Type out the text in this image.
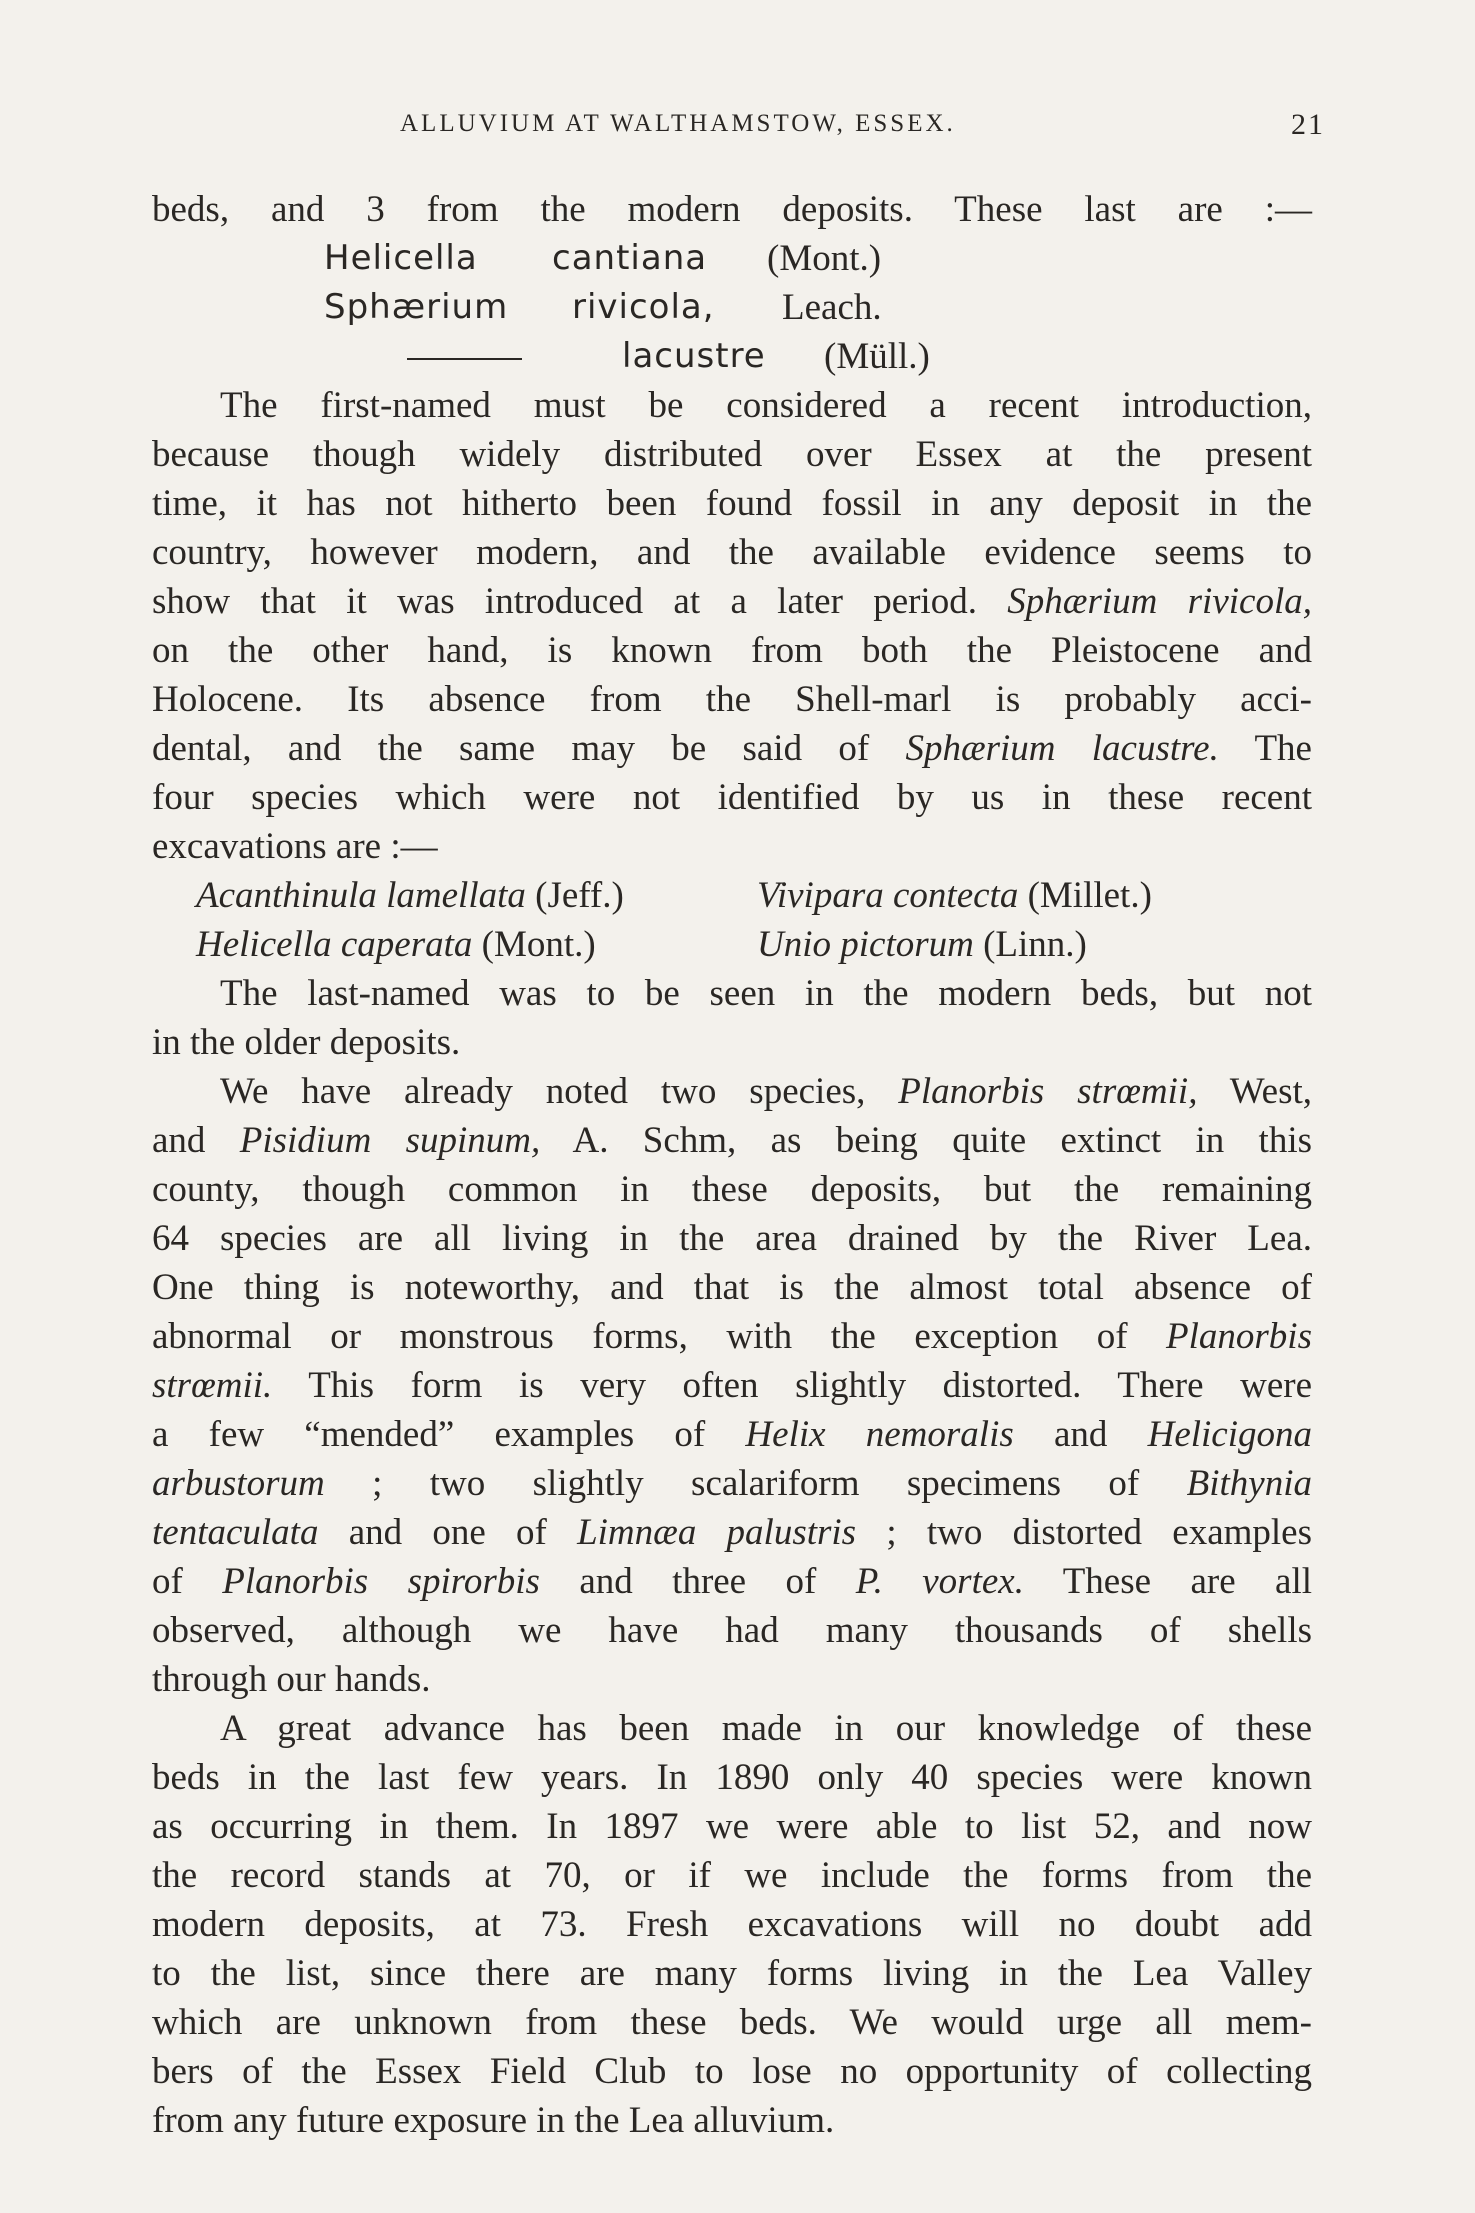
ALLUVIUM AT WALTHAMSTOW, ESSEX.	21
beds, and 3 from the modern deposits. These last are :—
Helicella cantiana (Mont.)
Sphærium rivicola, Leach.
lacustre (Müll.)
The first-named must be considered a recent introduction,
because though widely distributed over Essex at the present
time, it has not hitherto been found fossil in any deposit in the
country, however modern, and the available evidence seems to
show that it was introduced at a later period. Sphærium rivicola,
on the other hand, is known from both the Pleistocene and
Holocene. Its absence from the Shell-marl is probably acci-
dental, and the same may be said of Sphærium lacustre. The
four species which were not identified by us in these recent
excavations are :—
Acanthinula lamellata (Jeff.)	Vivipara contecta (Millet.)
Helicella caperata (Mont.)	Unio pictorum (Linn.)
The last-named was to be seen in the modern beds, but not
in the older deposits.
We have already noted two species, Planorbis strœmii, West,
and Pisidium supinum, A. Schm, as being quite extinct in this
county, though common in these deposits, but the remaining
64 species are all living in the area drained by the River Lea.
One thing is noteworthy, and that is the almost total absence of
abnormal or monstrous forms, with the exception of Planorbis
strœmii. This form is very often slightly distorted. There were
a few “mended” examples of Helix nemoralis and Helicigona
arbustorum ; two slightly scalariform specimens of Bithynia
tentaculata and one of Limnæa palustris ; two distorted examples
of Planorbis spirorbis and three of P. vortex. These are all
observed, although we have had many thousands of shells
through our hands.
A great advance has been made in our knowledge of these
beds in the last few years. In 1890 only 40 species were known
as occurring in them. In 1897 we were able to list 52, and now
the record stands at 70, or if we include the forms from the
modern deposits, at 73. Fresh excavations will no doubt add
to the list, since there are many forms living in the Lea Valley
which are unknown from these beds. We would urge all mem-
bers of the Essex Field Club to lose no opportunity of collecting
from any future exposure in the Lea alluvium.
